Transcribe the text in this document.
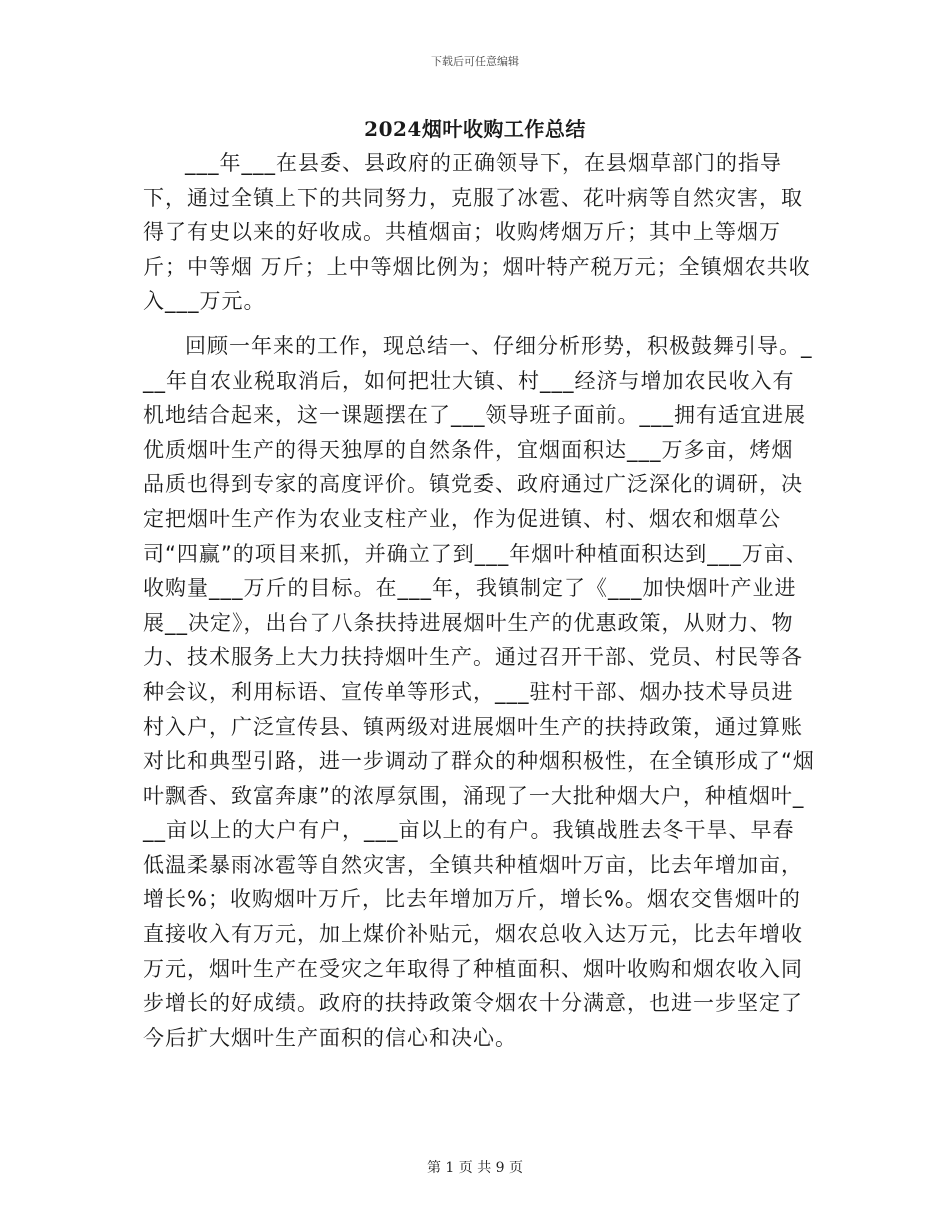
下载后可任意编辑
2024烟叶收购工作总结

___年___在县委、县政府的正确领导下，在县烟草部门的指导下，通过全镇上下的共同努力，克服了冰雹、花叶病等自然灾害，取得了有史以来的好收成。共植烟亩；收购烤烟万斤；其中上等烟万斤；中等烟 万斤；上中等烟比例为；烟叶特产税万元；全镇烟农共收入___万元。

回顾一年来的工作，现总结一、仔细分析形势，积极鼓舞引导。___年自农业税取消后，如何把壮大镇、村___经济与增加农民收入有机地结合起来，这一课题摆在了___领导班子面前。___拥有适宜进展优质烟叶生产的得天独厚的自然条件，宜烟面积达___万多亩，烤烟品质也得到专家的高度评价。镇党委、政府通过广泛深化的调研，决定把烟叶生产作为农业支柱产业，作为促进镇、村、烟农和烟草公司“四赢”的项目来抓，并确立了到___年烟叶种植面积达到___万亩、收购量___万斤的目标。在___年，我镇制定了《___加快烟叶产业进展__决定》，出台了八条扶持进展烟叶生产的优惠政策，从财力、物力、技术服务上大力扶持烟叶生产。通过召开干部、党员、村民等各种会议，利用标语、宣传单等形式，___驻村干部、烟办技术导员进村入户，广泛宣传县、镇两级对进展烟叶生产的扶持政策，通过算账对比和典型引路，进一步调动了群众的种烟积极性，在全镇形成了“烟叶飘香、致富奔康”的浓厚氛围，涌现了一大批种烟大户，种植烟叶___亩以上的大户有户，___亩以上的有户。我镇战胜去冬干旱、早春低温柔暴雨冰雹等自然灾害，全镇共种植烟叶万亩，比去年增加亩，增长%；收购烟叶万斤，比去年增加万斤，增长%。烟农交售烟叶的直接收入有万元，加上煤价补贴元，烟农总收入达万元，比去年增收万元，烟叶生产在受灾之年取得了种植面积、烟叶收购和烟农收入同步增长的好成绩。政府的扶持政策令烟农十分满意，也进一步坚定了今后扩大烟叶生产面积的信心和决心。

第 1 页 共 9 页
